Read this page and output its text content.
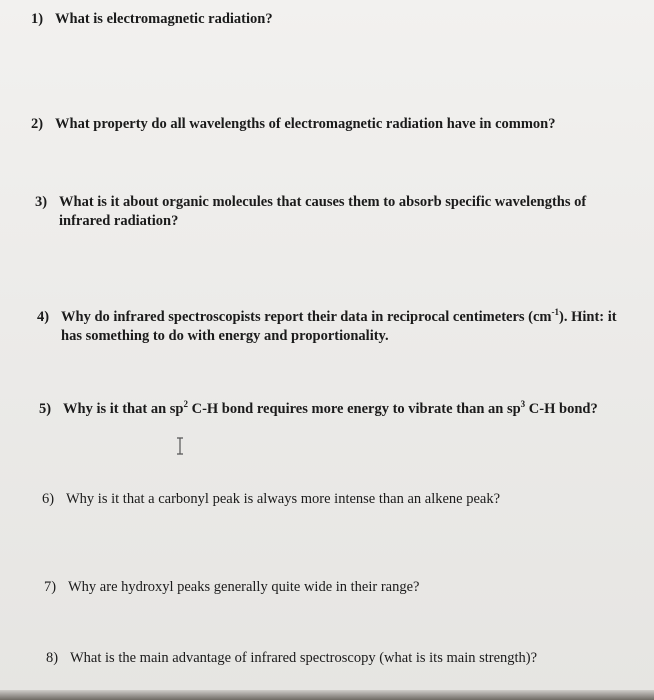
1) What is electromagnetic radiation?
2) What property do all wavelengths of electromagnetic radiation have in common?
3) What is it about organic molecules that causes them to absorb specific wavelengths of
infrared radiation?
4) Why do infrared spectroscopists report their data in reciprocal centimeters $(cm^{-1})$. Hint: it
has something to do with energy and proportionality.
5) Why is it that an $sp^2$ C-H bond requires more energy to vibrate than an $sp^3$ C-H bond?
6) Why is it that a carbonyl peak is always more intense than an alkene peak?
7) Why are hydroxyl peaks generally quite wide in their range?
8) What is the main advantage of infrared spectroscopy (what is its main strength)?
